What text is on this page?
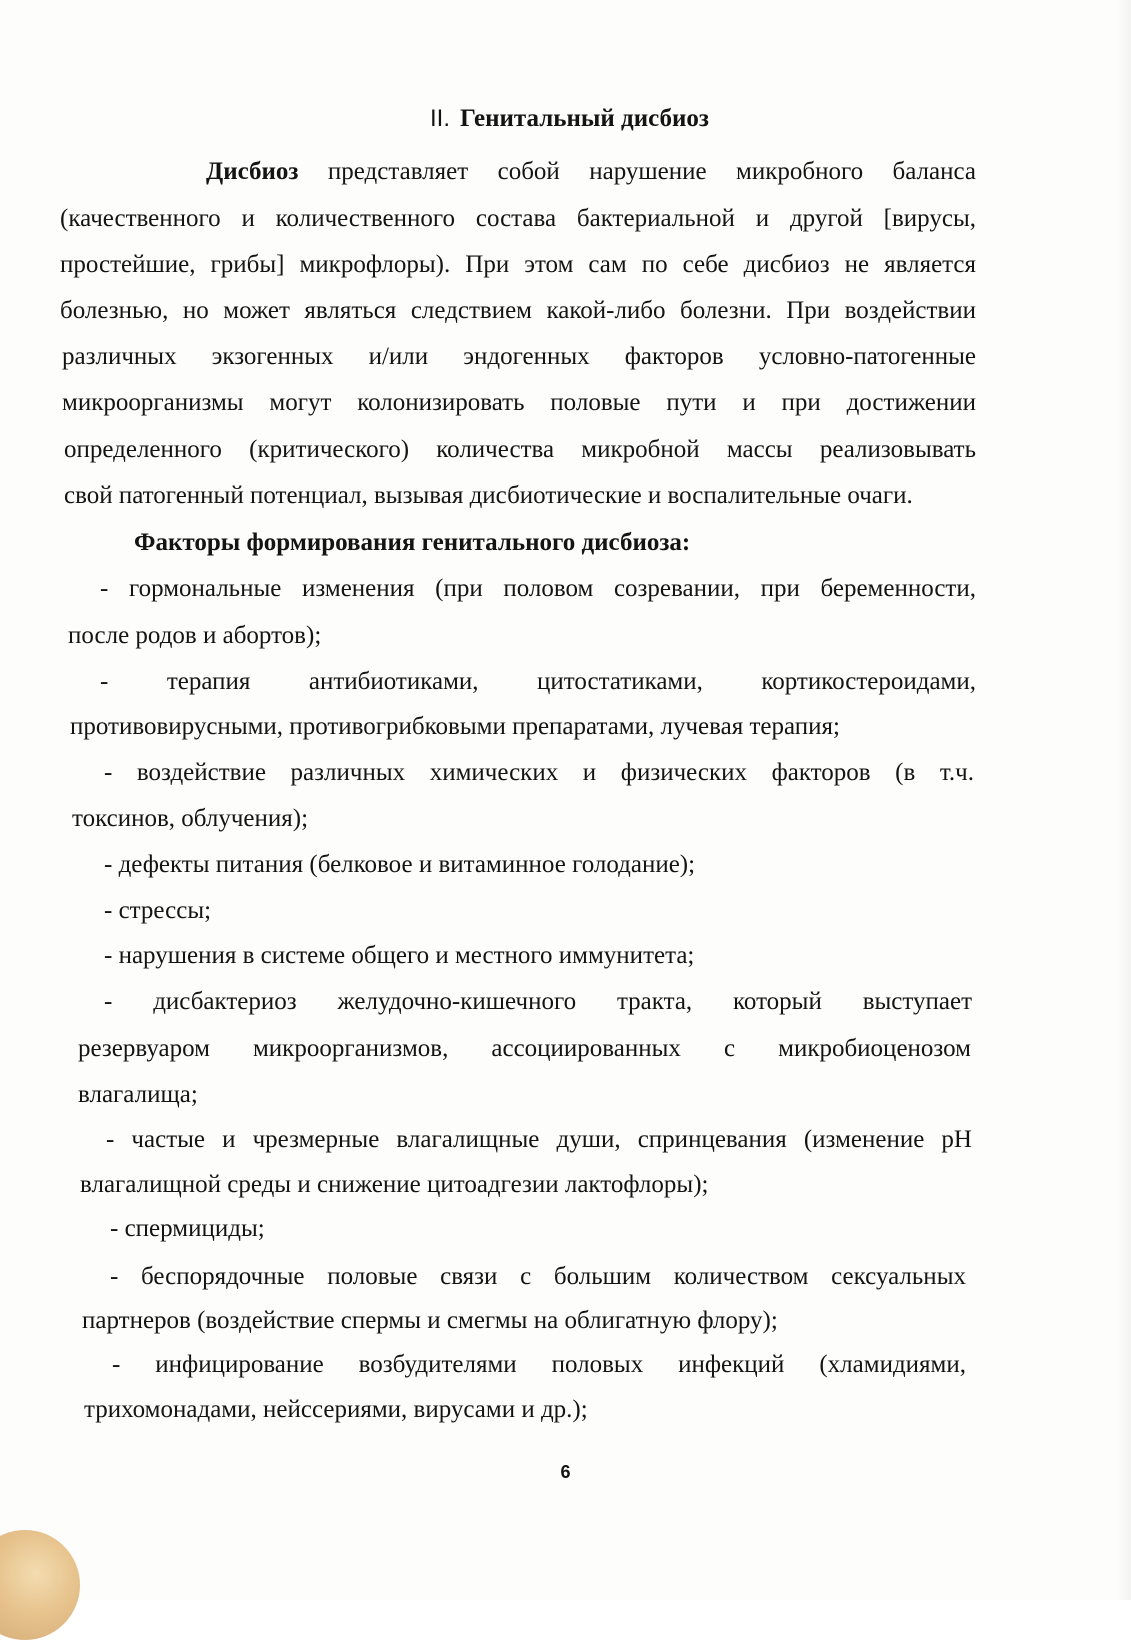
II. Генитальный дисбиоз
Дисбиоз представляет собой нарушение микробного баланса
(качественного и количественного состава бактериальной и другой [вирусы,
простейшие, грибы] микрофлоры). При этом сам по себе дисбиоз не является
болезнью, но может являться следствием какой-либо болезни. При воздействии
различных экзогенных и/или эндогенных факторов условно-патогенные
микроорганизмы могут колонизировать половые пути и при достижении
определенного (критического) количества микробной массы реализовывать
свой патогенный потенциал, вызывая дисбиотические и воспалительные очаги.
Факторы формирования генитального дисбиоза:
- гормональные изменения (при половом созревании, при беременности,
после родов и абортов);
- терапия антибиотиками, цитостатиками, кортикостероидами,
противовирусными, противогрибковыми препаратами, лучевая терапия;
- воздействие различных химических и физических факторов (в т.ч.
токсинов, облучения);
- дефекты питания (белковое и витаминное голодание);
- стрессы;
- нарушения в системе общего и местного иммунитета;
- дисбактериоз желудочно-кишечного тракта, который выступает
резервуаром микроорганизмов, ассоциированных с микробиоценозом
влагалища;
- частые и чрезмерные влагалищные души, спринцевания (изменение pH
влагалищной среды и снижение цитоадгезии лактофлоры);
- спермициды;
- беспорядочные половые связи с большим количеством сексуальных
партнеров (воздействие спермы и смегмы на облигатную флору);
- инфицирование возбудителями половых инфекций (хламидиями,
трихомонадами, нейссериями, вирусами и др.);
6
